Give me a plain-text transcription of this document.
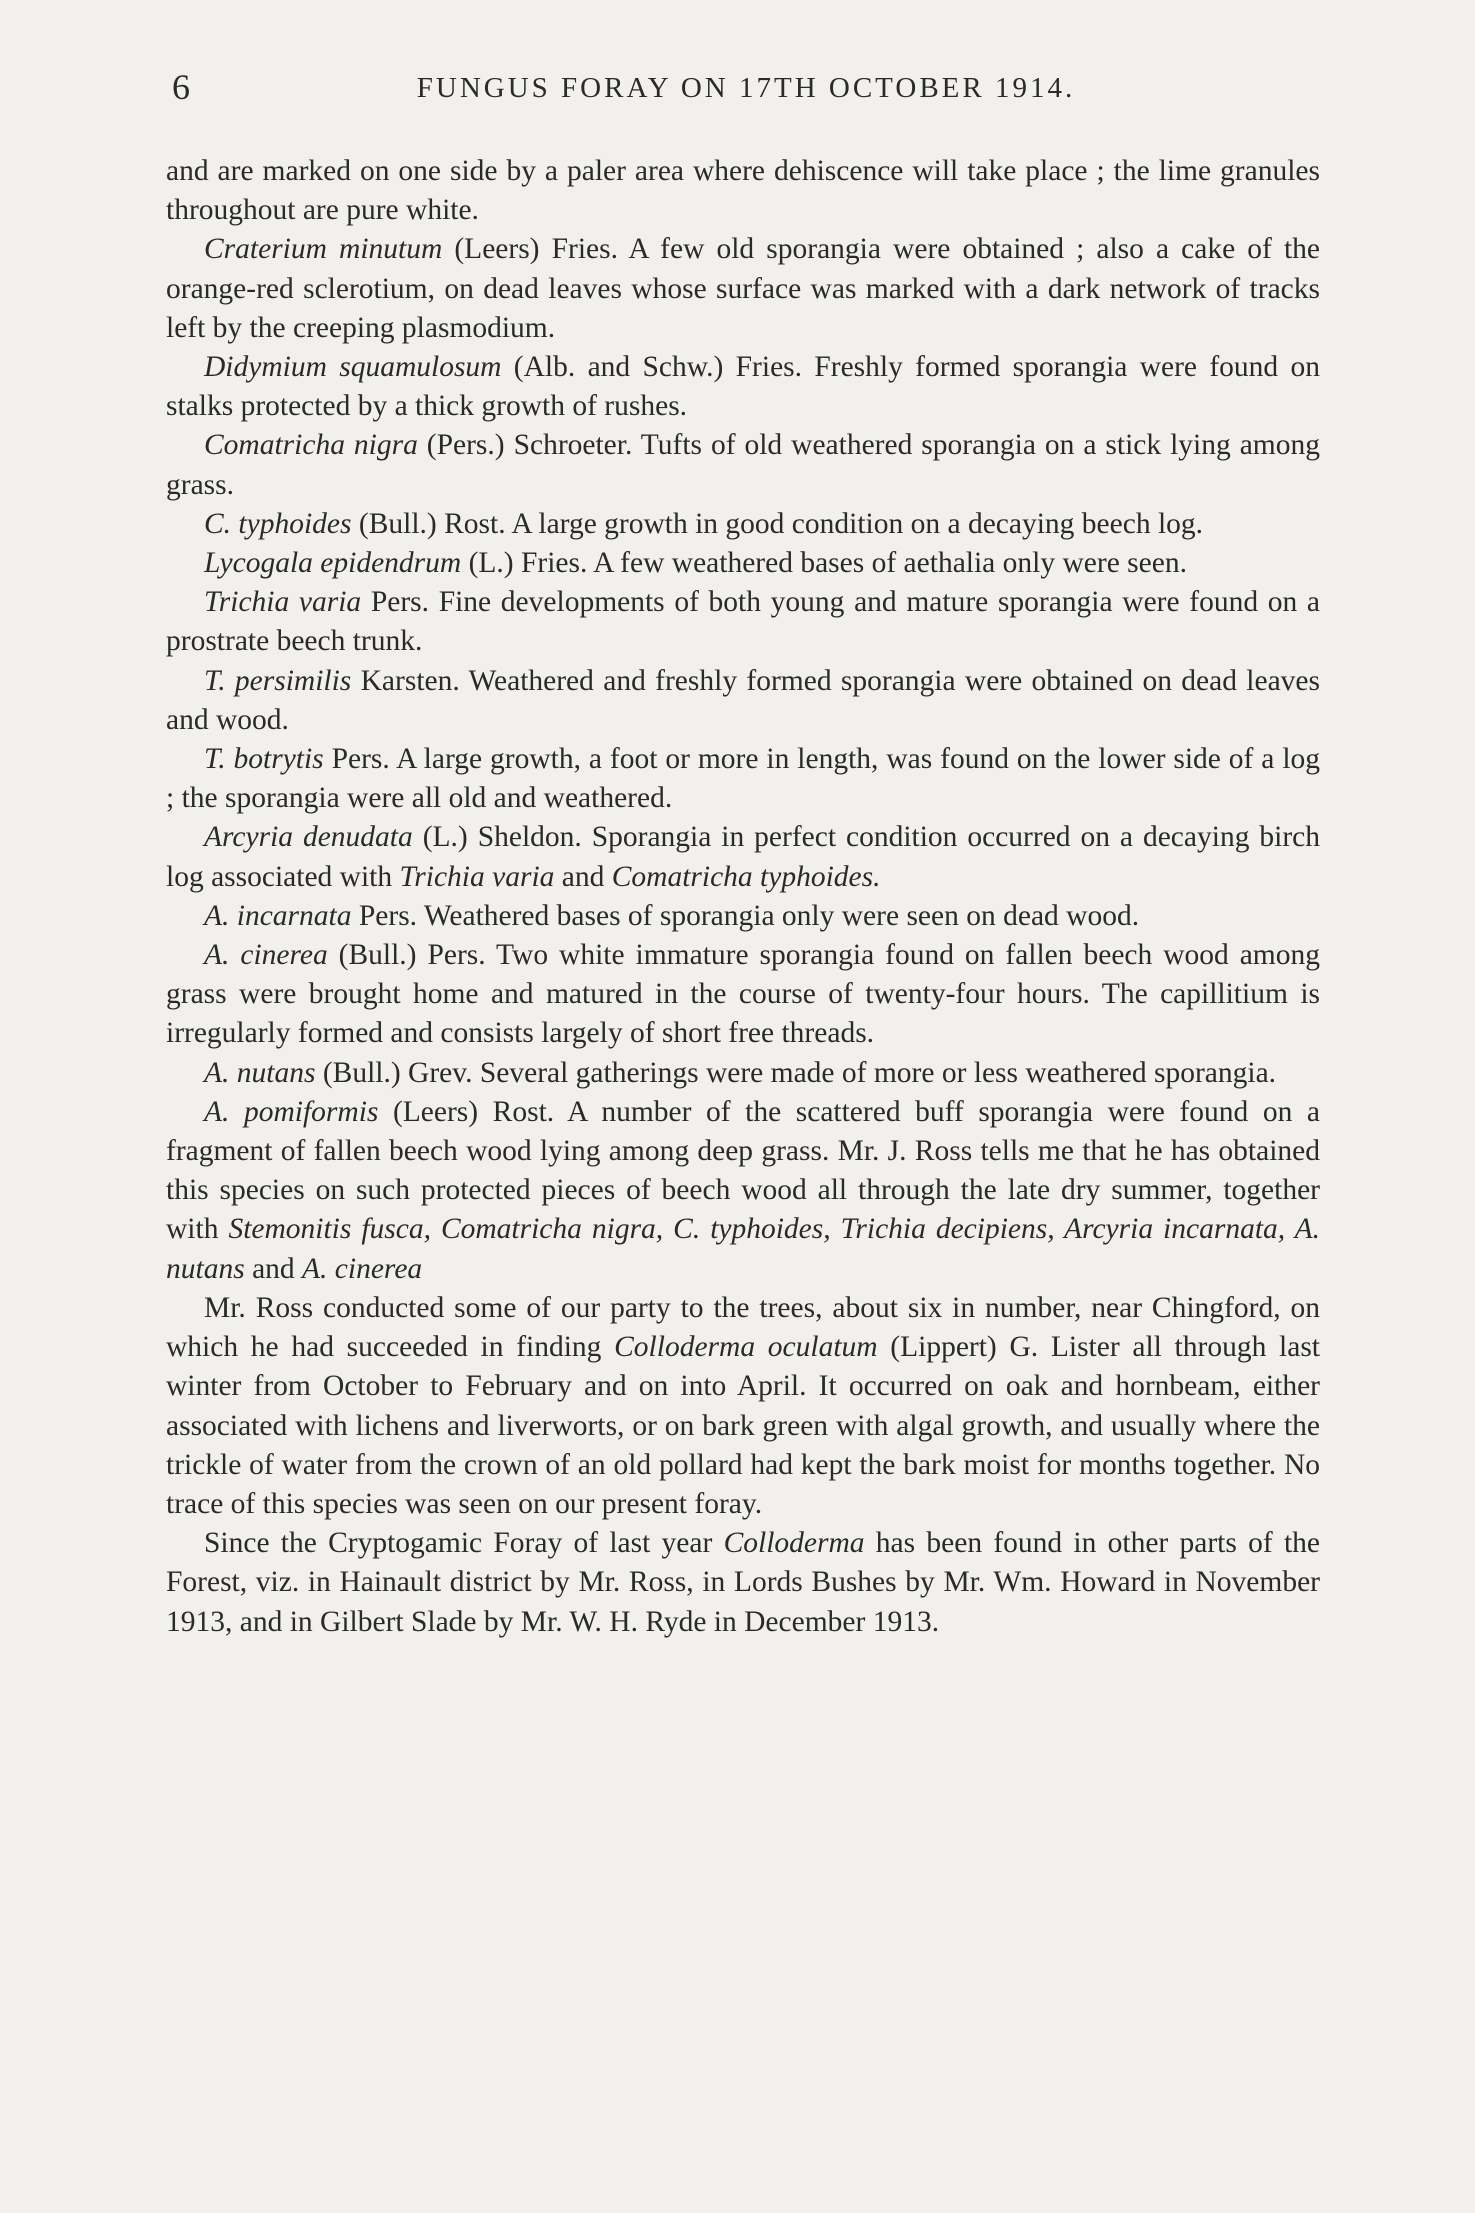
6	FUNGUS FORAY ON 17TH OCTOBER 1914.

and are marked on one side by a paler area where dehiscence will take place ; the lime granules throughout are pure white.

Craterium minutum (Leers) Fries. A few old sporangia were obtained ; also a cake of the orange-red sclerotium, on dead leaves whose surface was marked with a dark network of tracks left by the creeping plasmodium.

Didymium squamulosum (Alb. and Schw.) Fries. Freshly formed sporangia were found on stalks protected by a thick growth of rushes.

Comatricha nigra (Pers.) Schroeter. Tufts of old weathered sporangia on a stick lying among grass.

C. typhoides (Bull.) Rost. A large growth in good condition on a decaying beech log.

Lycogala epidendrum (L.) Fries. A few weathered bases of aethalia only were seen.

Trichia varia Pers. Fine developments of both young and mature sporangia were found on a prostrate beech trunk.

T. persimilis Karsten. Weathered and freshly formed sporangia were obtained on dead leaves and wood.

T. botrytis Pers. A large growth, a foot or more in length, was found on the lower side of a log ; the sporangia were all old and weathered.

Arcyria denudata (L.) Sheldon. Sporangia in perfect condition occurred on a decaying birch log associated with Trichia varia and Comatricha typhoides.

A. incarnata Pers. Weathered bases of sporangia only were seen on dead wood.

A. cinerea (Bull.) Pers. Two white immature sporangia found on fallen beech wood among grass were brought home and matured in the course of twenty-four hours. The capillitium is irregularly formed and consists largely of short free threads.

A. nutans (Bull.) Grev. Several gatherings were made of more or less weathered sporangia.

A. pomiformis (Leers) Rost. A number of the scattered buff sporangia were found on a fragment of fallen beech wood lying among deep grass. Mr. J. Ross tells me that he has obtained this species on such protected pieces of beech wood all through the late dry summer, together with Stemonitis fusca, Comatricha nigra, C. typhoides, Trichia decipiens, Arcyria incarnata, A. nutans and A. cinerea

Mr. Ross conducted some of our party to the trees, about six in number, near Chingford, on which he had succeeded in finding Colloderma oculatum (Lippert) G. Lister all through last winter from October to February and on into April. It occurred on oak and hornbeam, either associated with lichens and liverworts, or on bark green with algal growth, and usually where the trickle of water from the crown of an old pollard had kept the bark moist for months together. No trace of this species was seen on our present foray.

Since the Cryptogamic Foray of last year Colloderma has been found in other parts of the Forest, viz. in Hainault district by Mr. Ross, in Lords Bushes by Mr. Wm. Howard in November 1913, and in Gilbert Slade by Mr. W. H. Ryde in December 1913.
